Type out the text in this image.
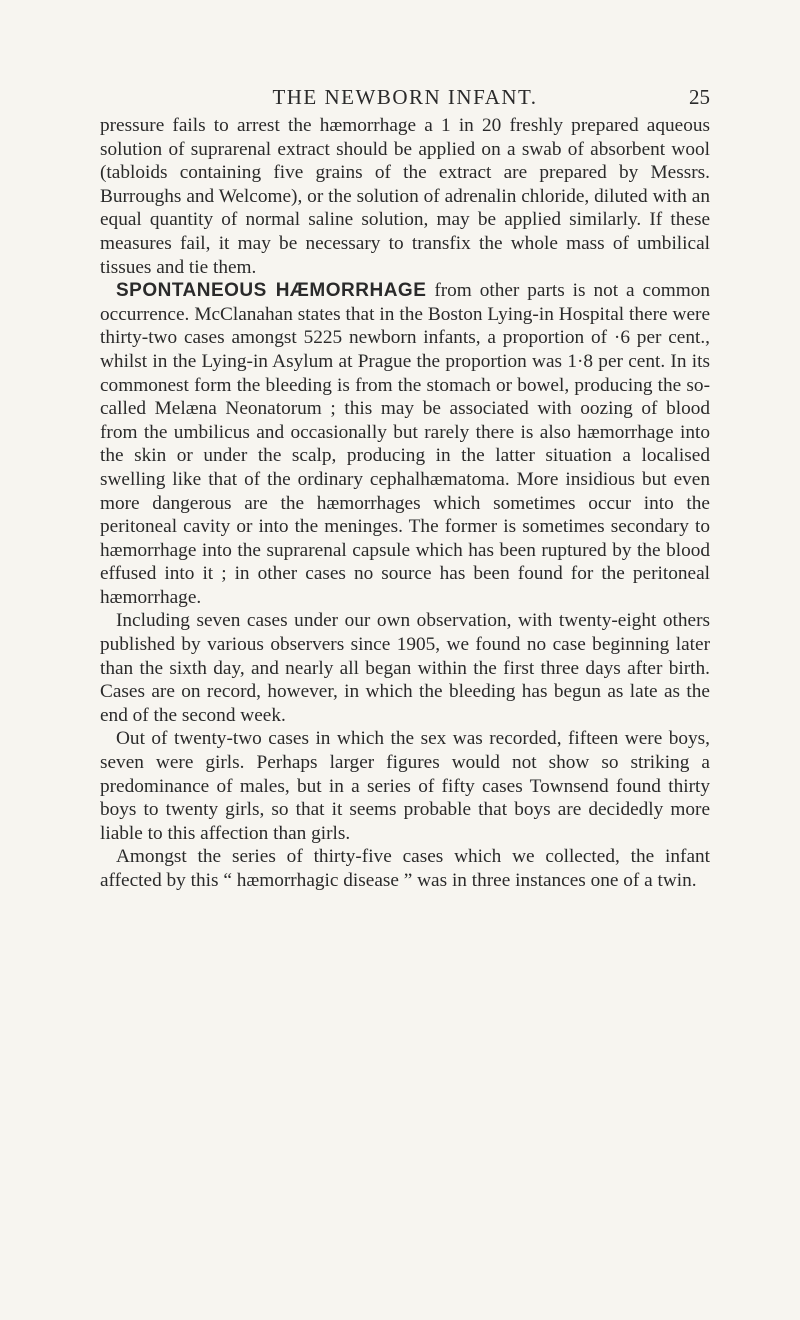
THE NEWBORN INFANT.	25

pressure fails to arrest the hæmorrhage a 1 in 20 freshly prepared aqueous solution of suprarenal extract should be applied on a swab of absorbent wool (tabloids containing five grains of the extract are prepared by Messrs. Burroughs and Welcome), or the solution of adrenalin chloride, diluted with an equal quantity of normal saline solution, may be applied similarly. If these measures fail, it may be necessary to transfix the whole mass of umbilical tissues and tie them.

SPONTANEOUS HÆMORRHAGE from other parts is not a common occurrence. McClanahan states that in the Boston Lying-in Hospital there were thirty-two cases amongst 5225 newborn infants, a proportion of ·6 per cent., whilst in the Lying-in Asylum at Prague the proportion was 1·8 per cent. In its commonest form the bleeding is from the stomach or bowel, producing the so-called Melæna Neonatorum ; this may be associated with oozing of blood from the umbilicus and occasionally but rarely there is also hæmorrhage into the skin or under the scalp, producing in the latter situation a localised swelling like that of the ordinary cephalhæmatoma. More insidious but even more dangerous are the hæmorrhages which sometimes occur into the peritoneal cavity or into the meninges. The former is sometimes secondary to hæmorrhage into the suprarenal capsule which has been ruptured by the blood effused into it ; in other cases no source has been found for the peritoneal hæmorrhage.

Including seven cases under our own observation, with twenty-eight others published by various observers since 1905, we found no case beginning later than the sixth day, and nearly all began within the first three days after birth. Cases are on record, however, in which the bleeding has begun as late as the end of the second week.

Out of twenty-two cases in which the sex was recorded, fifteen were boys, seven were girls. Perhaps larger figures would not show so striking a predominance of males, but in a series of fifty cases Townsend found thirty boys to twenty girls, so that it seems probable that boys are decidedly more liable to this affection than girls.

Amongst the series of thirty-five cases which we collected, the infant affected by this “ hæmorrhagic disease ” was in three instances one of a twin.
